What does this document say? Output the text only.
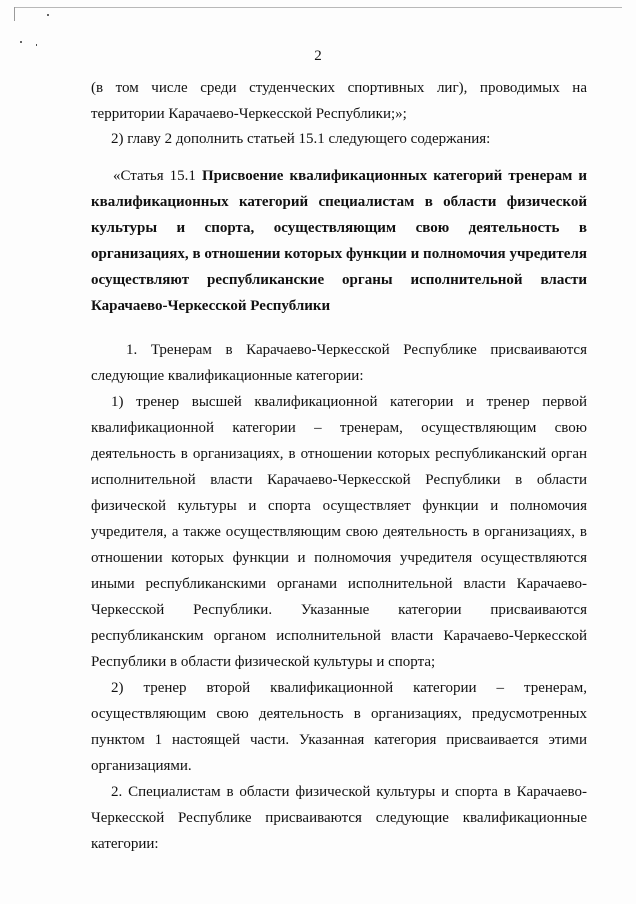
2
(в том числе среди студенческих спортивных лиг), проводимых на
территории Карачаево-Черкесской Республики;»;
2) главу 2 дополнить статьей 15.1 следующего содержания:
«Статья 15.1 Присвоение квалификационных категорий тренерам и
квалификационных категорий специалистам в области физической
культуры и спорта, осуществляющим свою деятельность в
организациях, в отношении которых функции и полномочия учредителя
осуществляют республиканские органы исполнительной власти
Карачаево-Черкесской Республики
1. Тренерам в Карачаево-Черкесской Республике присваиваются
следующие квалификационные категории:
1) тренер высшей квалификационной категории и тренер первой
квалификационной категории – тренерам, осуществляющим свою
деятельность в организациях, в отношении которых республиканский орган
исполнительной власти Карачаево-Черкесской Республики в области
физической культуры и спорта осуществляет функции и полномочия
учредителя, а также осуществляющим свою деятельность в организациях, в
отношении которых функции и полномочия учредителя осуществляются
иными республиканскими органами исполнительной власти Карачаево-
Черкесской Республики. Указанные категории присваиваются
республиканским органом исполнительной власти Карачаево-Черкесской
Республики в области физической культуры и спорта;
2) тренер второй квалификационной категории – тренерам,
осуществляющим свою деятельность в организациях, предусмотренных
пунктом 1 настоящей части. Указанная категория присваивается этими
организациями.
2. Специалистам в области физической культуры и спорта в Карачаево-
Черкесской Республике присваиваются следующие квалификационные
категории:
